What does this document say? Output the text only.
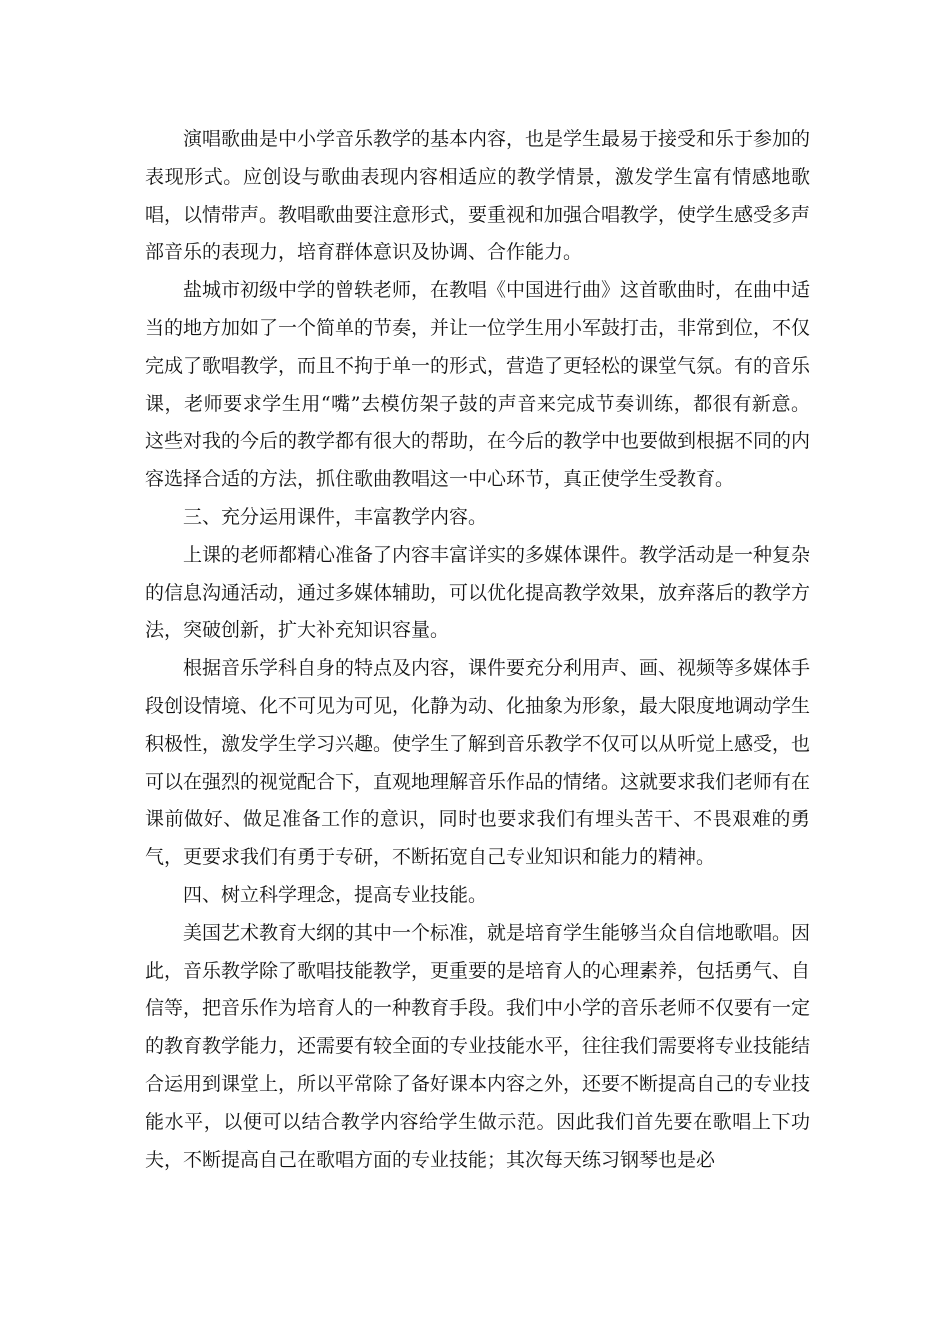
演唱歌曲是中小学音乐教学的基本内容，也是学生最易于接受和乐于参加的表现形式。应创设与歌曲表现内容相适应的教学情景，激发学生富有情感地歌唱，以情带声。教唱歌曲要注意形式，要重视和加强合唱教学，使学生感受多声部音乐的表现力，培育群体意识及协调、合作能力。

盐城市初级中学的曾轶老师，在教唱《中国进行曲》这首歌曲时，在曲中适当的地方加如了一个简单的节奏，并让一位学生用小军鼓打击，非常到位，不仅完成了歌唱教学，而且不拘于单一的形式，营造了更轻松的课堂气氛。有的音乐课，老师要求学生用“嘴”去模仿架子鼓的声音来完成节奏训练，都很有新意。这些对我的今后的教学都有很大的帮助，在今后的教学中也要做到根据不同的内容选择合适的方法，抓住歌曲教唱这一中心环节，真正使学生受教育。

三、充分运用课件，丰富教学内容。

上课的老师都精心准备了内容丰富详实的多媒体课件。教学活动是一种复杂的信息沟通活动，通过多媒体辅助，可以优化提高教学效果，放弃落后的教学方法，突破创新，扩大补充知识容量。

根据音乐学科自身的特点及内容，课件要充分利用声、画、视频等多媒体手段创设情境、化不可见为可见，化静为动、化抽象为形象，最大限度地调动学生积极性，激发学生学习兴趣。使学生了解到音乐教学不仅可以从听觉上感受，也可以在强烈的视觉配合下，直观地理解音乐作品的情绪。这就要求我们老师有在课前做好、做足准备工作的意识，同时也要求我们有埋头苦干、不畏艰难的勇气，更要求我们有勇于专研，不断拓宽自己专业知识和能力的精神。

四、树立科学理念，提高专业技能。

美国艺术教育大纲的其中一个标准，就是培育学生能够当众自信地歌唱。因此，音乐教学除了歌唱技能教学，更重要的是培育人的心理素养，包括勇气、自信等，把音乐作为培育人的一种教育手段。我们中小学的音乐老师不仅要有一定的教育教学能力，还需要有较全面的专业技能水平，往往我们需要将专业技能结合运用到课堂上，所以平常除了备好课本内容之外，还要不断提高自己的专业技能水平，以便可以结合教学内容给学生做示范。因此我们首先要在歌唱上下功夫，不断提高自己在歌唱方面的专业技能；其次每天练习钢琴也是必
